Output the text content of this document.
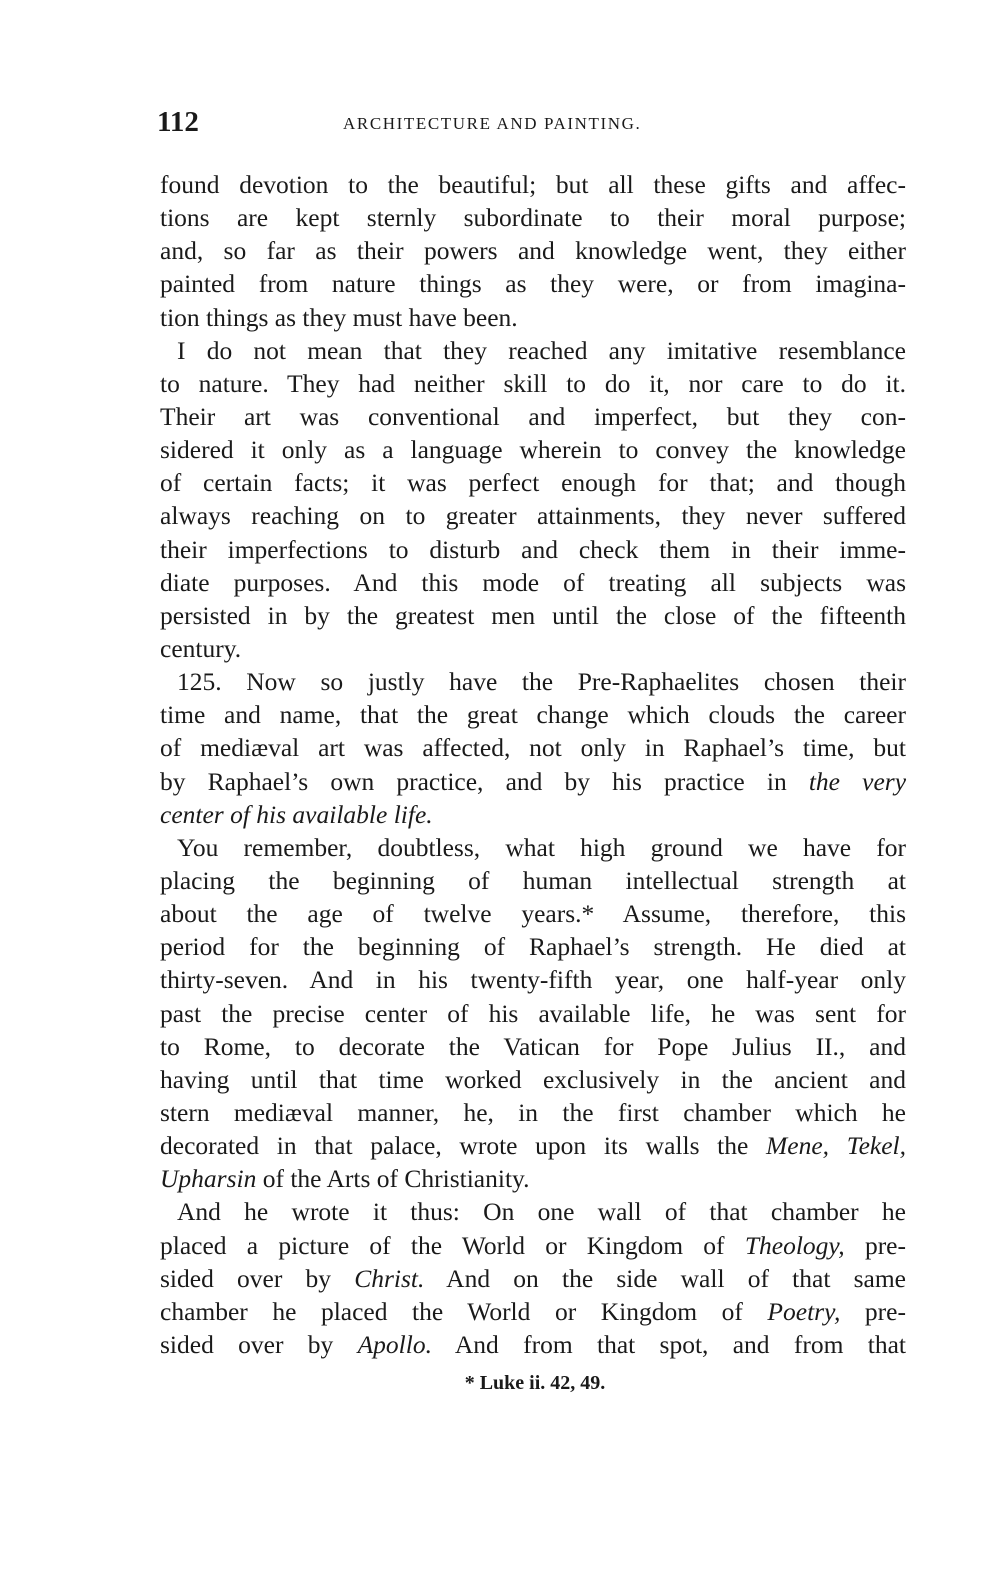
112	ARCHITECTURE AND PAINTING.
found devotion to the beautiful; but all these gifts and affec-
tions are kept sternly subordinate to their moral purpose;
and, so far as their powers and knowledge went, they either
painted from nature things as they were, or from imagina-
tion things as they must have been.
I do not mean that they reached any imitative resemblance
to nature. They had neither skill to do it, nor care to do it.
Their art was conventional and imperfect, but they con-
sidered it only as a language wherein to convey the knowledge
of certain facts; it was perfect enough for that; and though
always reaching on to greater attainments, they never suffered
their imperfections to disturb and check them in their imme-
diate purposes. And this mode of treating all subjects was
persisted in by the greatest men until the close of the fifteenth
century.
125. Now so justly have the Pre-Raphaelites chosen their
time and name, that the great change which clouds the career
of mediæval art was affected, not only in Raphael’s time, but
by Raphael’s own practice, and by his practice in the very
center of his available life.
You remember, doubtless, what high ground we have for
placing the beginning of human intellectual strength at
about the age of twelve years.* Assume, therefore, this
period for the beginning of Raphael’s strength. He died at
thirty-seven. And in his twenty-fifth year, one half-year only
past the precise center of his available life, he was sent for
to Rome, to decorate the Vatican for Pope Julius II., and
having until that time worked exclusively in the ancient and
stern mediæval manner, he, in the first chamber which he
decorated in that palace, wrote upon its walls the Mene, Tekel,
Upharsin of the Arts of Christianity.
And he wrote it thus: On one wall of that chamber he
placed a picture of the World or Kingdom of Theology, pre-
sided over by Christ. And on the side wall of that same
chamber he placed the World or Kingdom of Poetry, pre-
sided over by Apollo. And from that spot, and from that
* Luke ii. 42, 49.
